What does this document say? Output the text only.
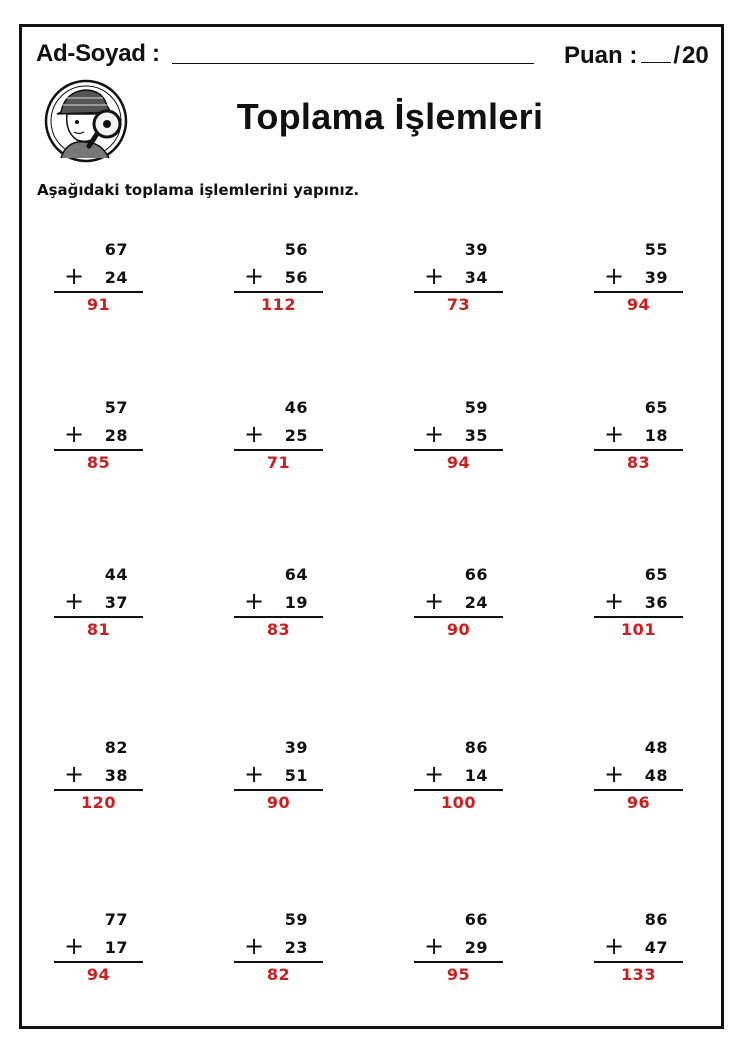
Ad-Soyad :	Puan : /20
Toplama İşlemleri
Aşağıdaki toplama işlemlerini yapınız.
67
+ 24
91
56
+ 56
112
39
+ 34
73
55
+ 39
94
57
+ 28
85
46
+ 25
71
59
+ 35
94
65
+ 18
83
44
+ 37
81
64
+ 19
83
66
+ 24
90
65
+ 36
101
82
+ 38
120
39
+ 51
90
86
+ 14
100
48
+ 48
96
77
+ 17
94
59
+ 23
82
66
+ 29
95
86
+ 47
133
